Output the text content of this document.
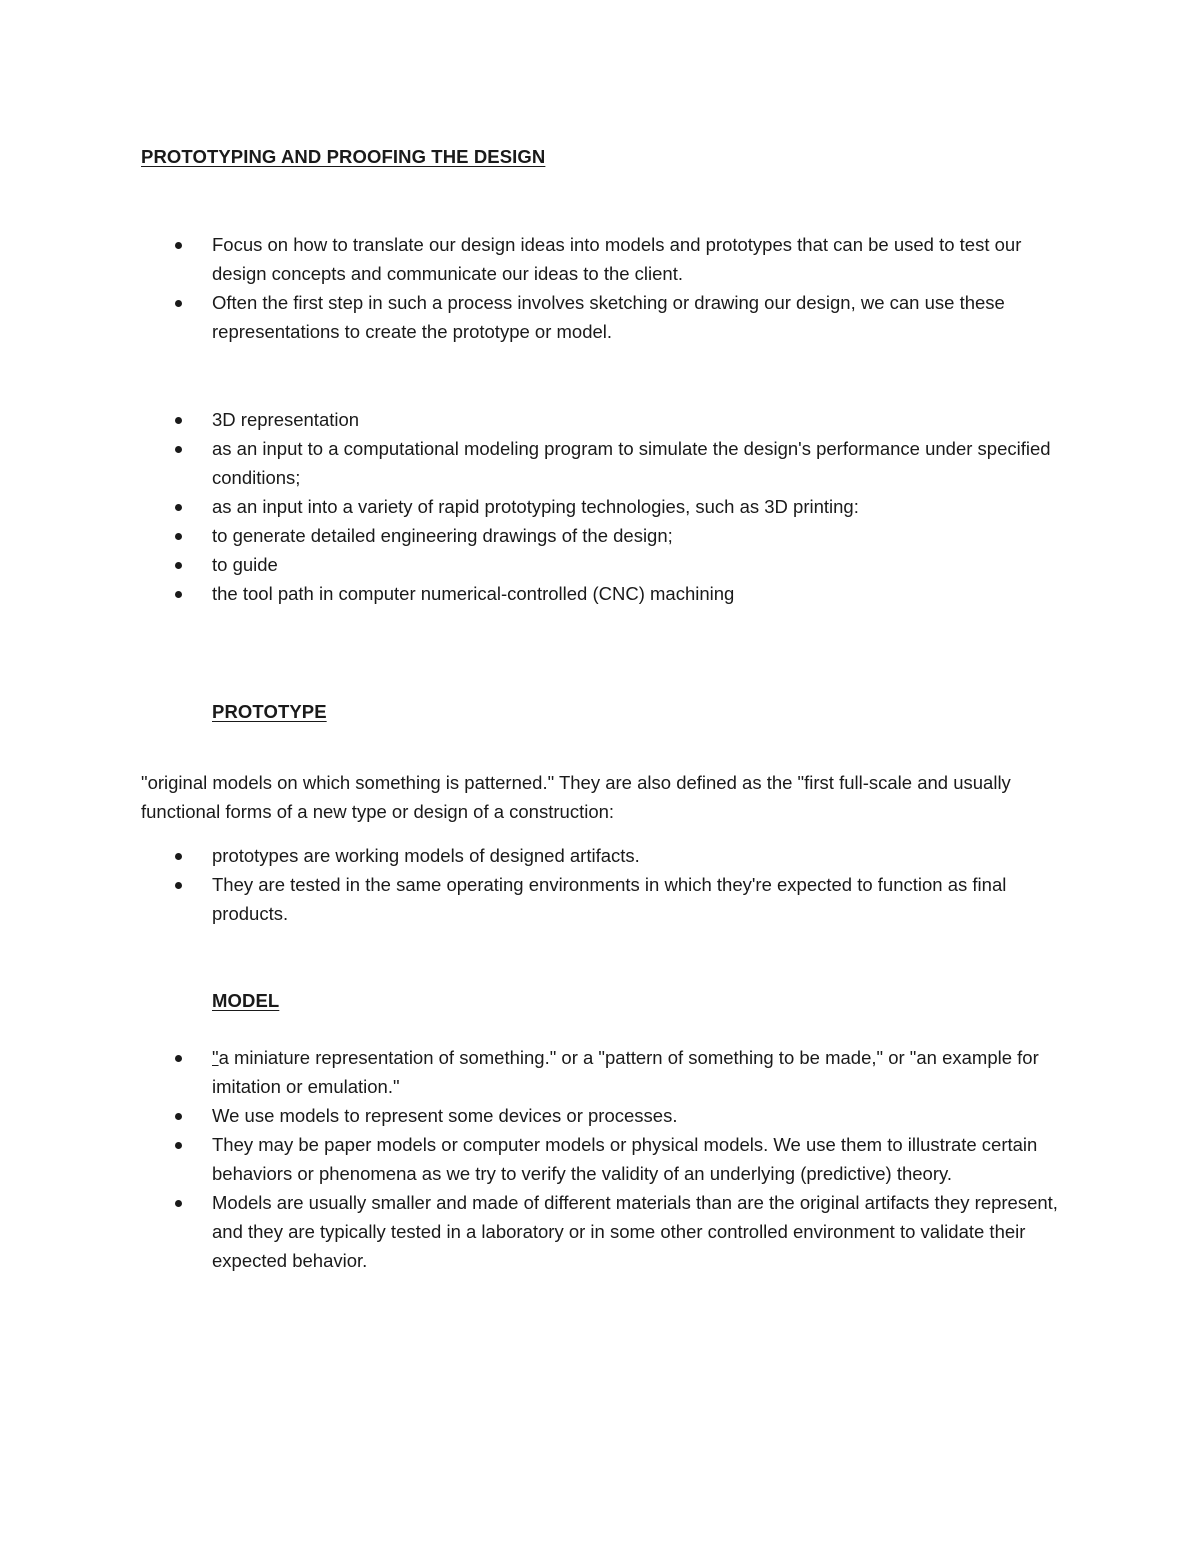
PROTOTYPING AND PROOFING THE DESIGN
Focus on how to translate our design ideas into models and prototypes that can be used to test our design concepts and communicate our ideas to the client.
Often the first step in such a process involves sketching or drawing our design, we can use these representations to create the prototype or model.
3D representation
as an input to a computational modeling program to simulate the design's performance under specified conditions;
as an input into a variety of rapid prototyping technologies, such as 3D printing:
to generate detailed engineering drawings of the design;
to guide
the tool path in computer numerical-controlled (CNC) machining
PROTOTYPE
"original models on which something is patterned." They are also defined as the "first full-scale and usually functional forms of a new type or design of a construction:
prototypes are working models of designed artifacts.
They are tested in the same operating environments in which they're expected to function as final products.
MODEL
"a miniature representation of something." or a "pattern of something to be made," or "an example for imitation or emulation."
We use models to represent some devices or processes.
They may be paper models or computer models or physical models. We use them to illustrate certain behaviors or phenomena as we try to verify the validity of an underlying (predictive) theory.
Models are usually smaller and made of different materials than are the original artifacts they represent, and they are typically tested in a laboratory or in some other controlled environment to validate their expected behavior.
